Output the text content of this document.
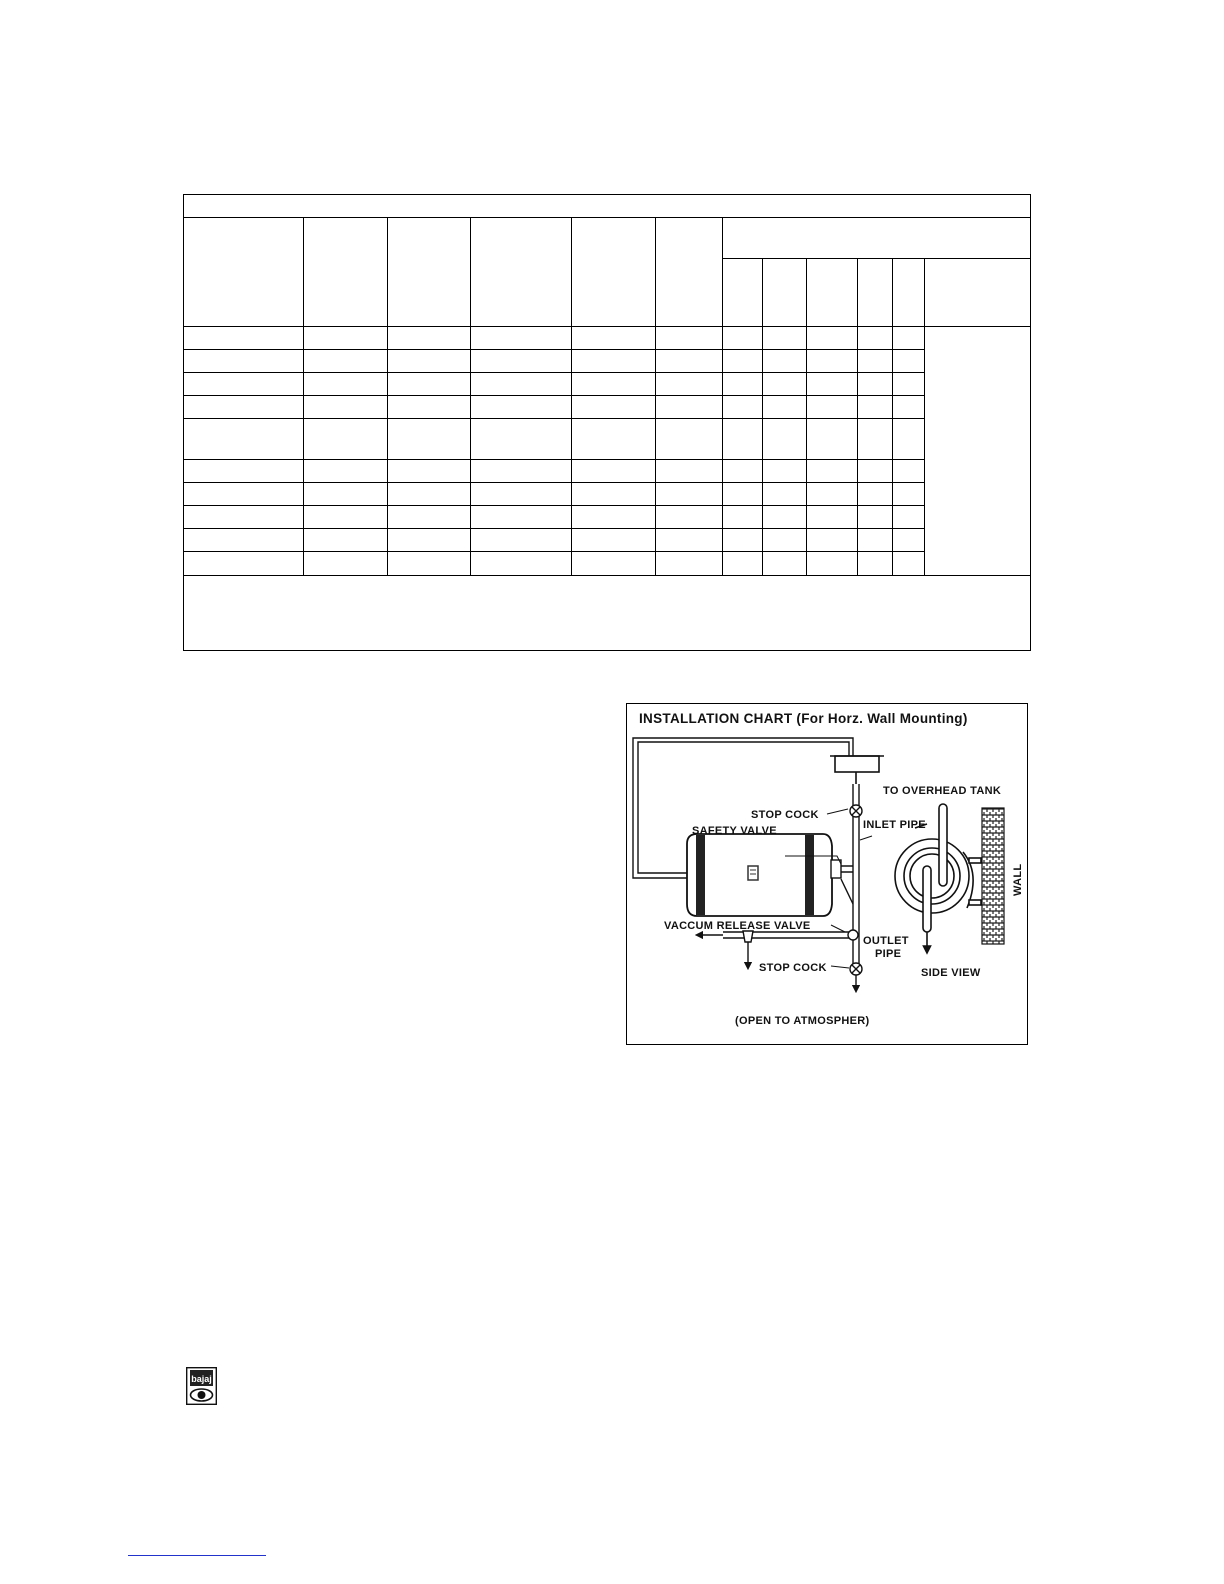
INSTALLATION CHART (For Horz. Wall Mounting)
STOP COCK
SAFETY VALVE
TO OVERHEAD TANK
INLET PIPE
WALL
VACCUM RELEASE VALVE
OUTLET
PIPE
STOP COCK	SIDE VIEW
(OPEN TO ATMOSPHER)
bajaj
